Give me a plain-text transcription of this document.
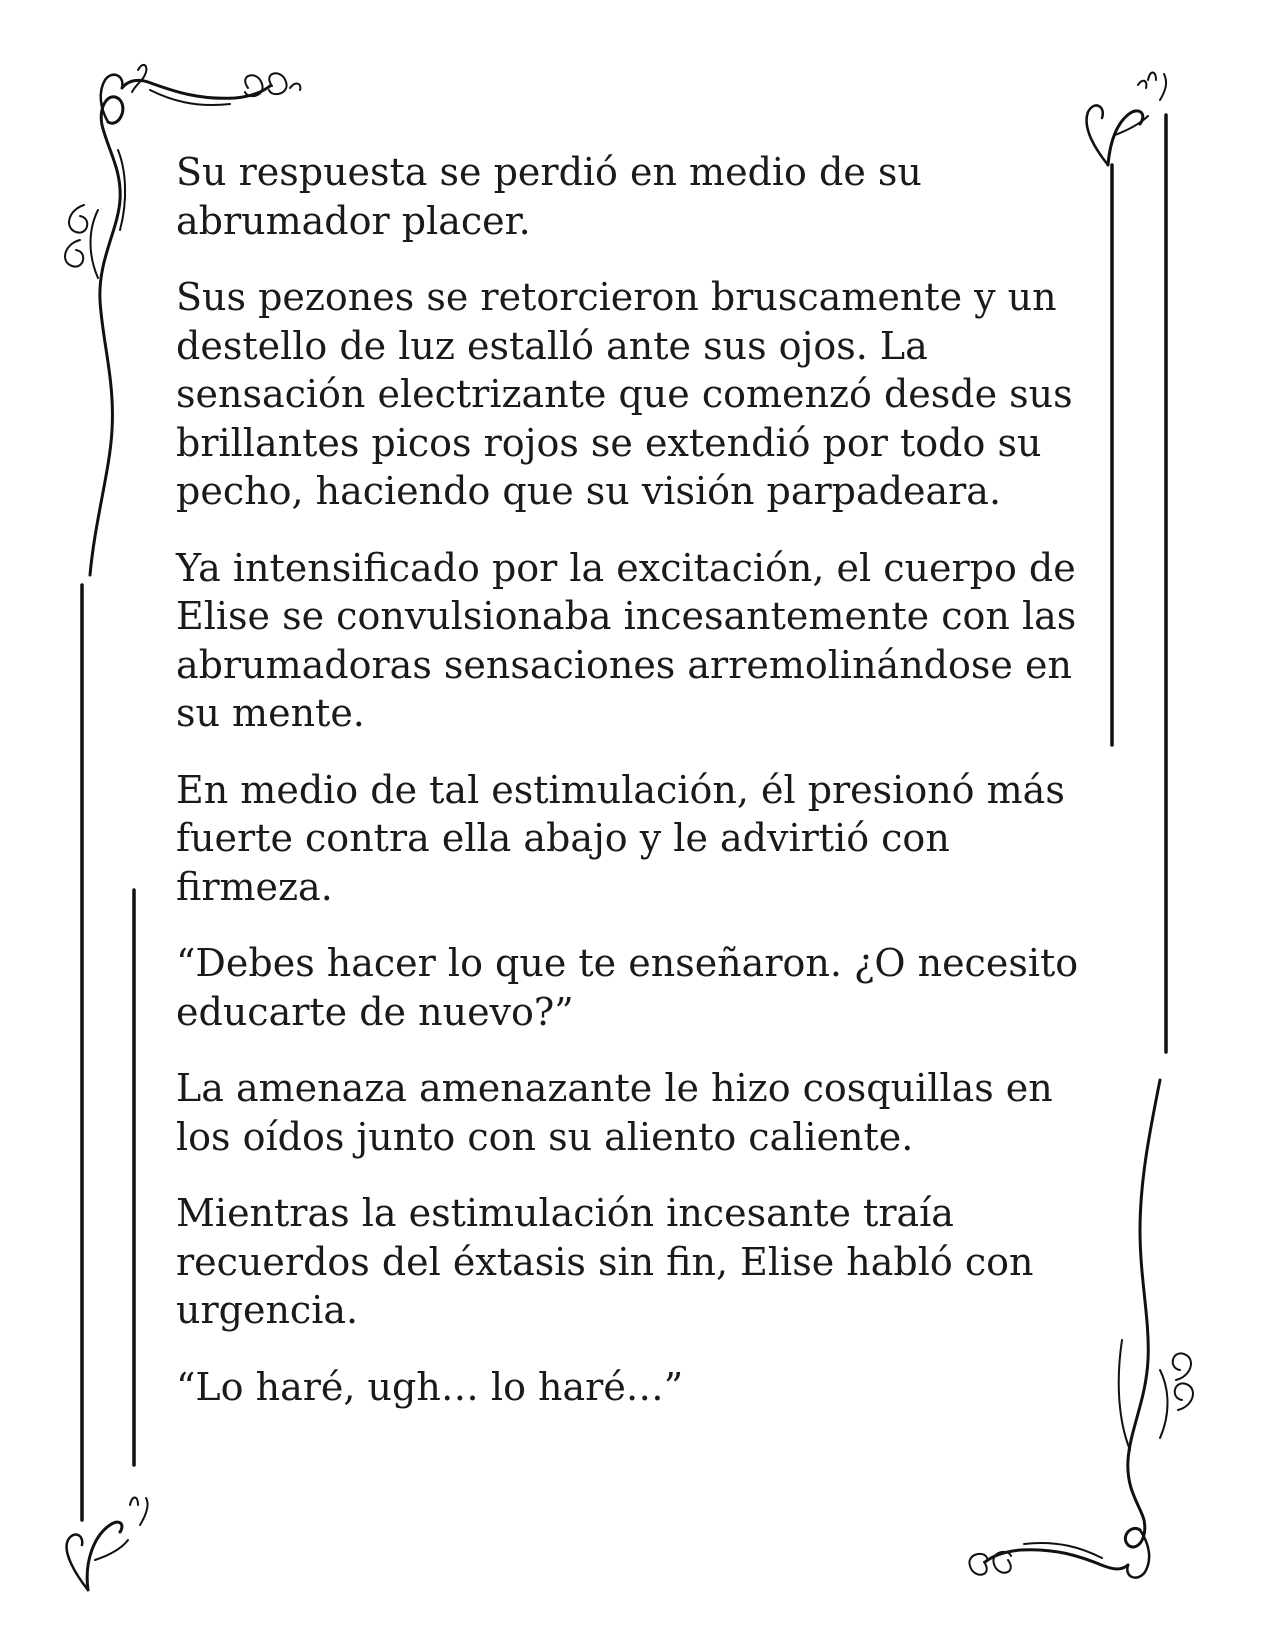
Su respuesta se perdió en medio de su abrumador placer.

Sus pezones se retorcieron bruscamente y un destello de luz estalló ante sus ojos. La sensación electrizante que comenzó desde sus brillantes picos rojos se extendió por todo su pecho, haciendo que su visión parpadeara.

Ya intensificado por la excitación, el cuerpo de Elise se convulsionaba incesantemente con las abrumadoras sensaciones arremolinándose en su mente.

En medio de tal estimulación, él presionó más fuerte contra ella abajo y le advirtió con firmeza.

“Debes hacer lo que te enseñaron. ¿O necesito educarte de nuevo?”

La amenaza amenazante le hizo cosquillas en los oídos junto con su aliento caliente.

Mientras la estimulación incesante traía recuerdos del éxtasis sin fin, Elise habló con urgencia.

“Lo haré, ugh… lo haré…”
